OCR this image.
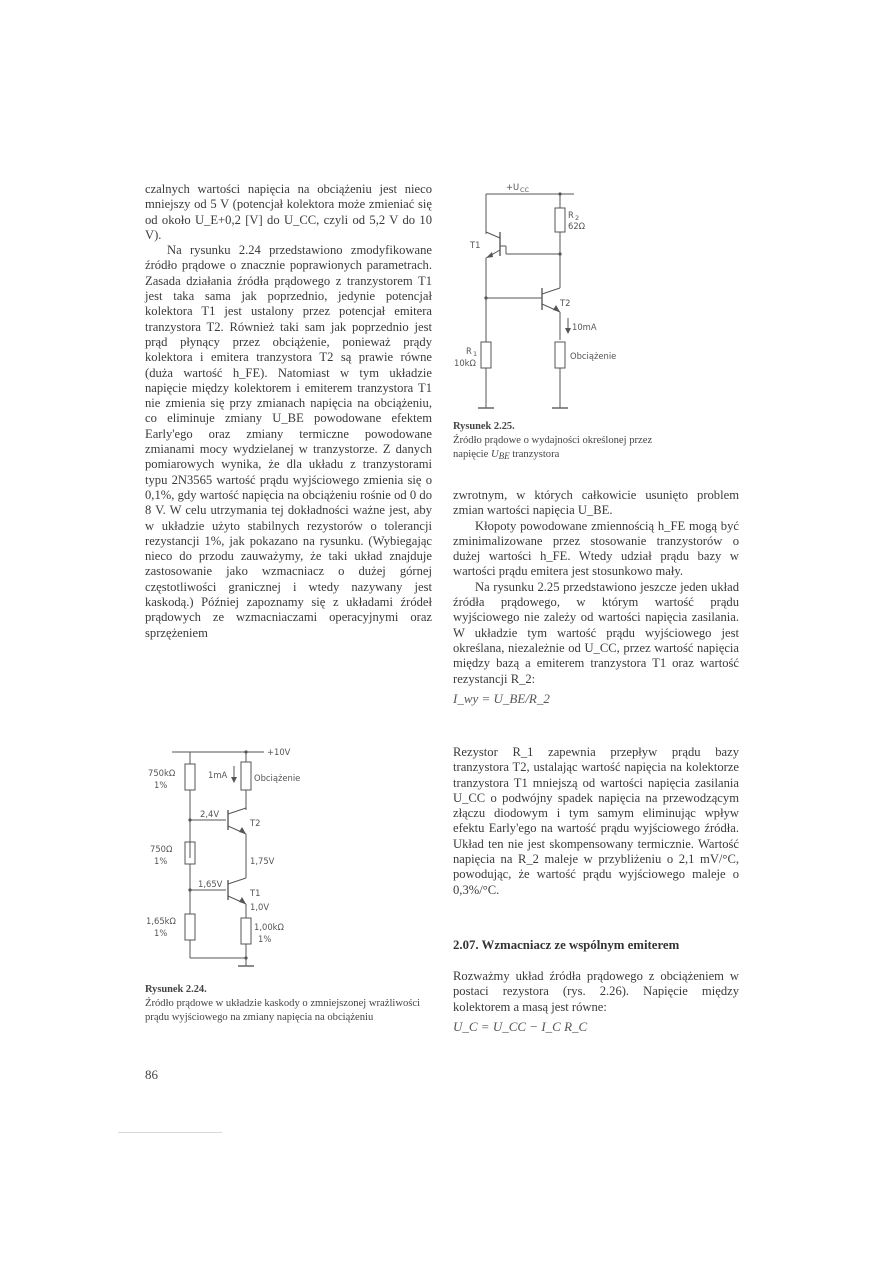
czalnych wartości napięcia na obciążeniu jest nieco mniejszy od 5 V (potencjał kolektora może zmieniać się od około U_E+0,2 [V] do U_CC, czyli od 5,2 V do 10 V).

Na rysunku 2.24 przedstawiono zmodyfikowane źródło prądowe o znacznie poprawionych parametrach. Zasada działania źródła prądowego z tranzystorem T1 jest taka sama jak poprzednio, jedynie potencjał kolektora T1 jest ustalony przez potencjał emitera tranzystora T2. Również taki sam jak poprzednio jest prąd płynący przez obciążenie, ponieważ prądy kolektora i emitera tranzystora T2 są prawie równe (duża wartość h_FE). Natomiast w tym układzie napięcie między kolektorem i emiterem tranzystora T1 nie zmienia się przy zmianach napięcia na obciążeniu, co eliminuje zmiany U_BE powodowane efektem Early'ego oraz zmiany termiczne powodowane zmianami mocy wydzielanej w tranzystorze. Z danych pomiarowych wynika, że dla układu z tranzystorami typu 2N3565 wartość prądu wyjściowego zmienia się o 0,1%, gdy wartość napięcia na obciążeniu rośnie od 0 do 8 V. W celu utrzymania tej dokładności ważne jest, aby w układzie użyto stabilnych rezystorów o tolerancji rezystancji 1%, jak pokazano na rysunku. (Wybiegając nieco do przodu zauważymy, że taki układ znajduje zastosowanie jako wzmacniacz o dużej górnej częstotliwości granicznej i wtedy nazywany jest kaskodą.) Później zapoznamy się z układami źródeł prądowych ze wzmacniaczami operacyjnymi oraz sprzężeniem

+U CC
R 2
62Ω
T1
T2
10mA
Obciążenie
R 1
10kΩ
Rysunek 2.25.
Źródło prądowe o wydajności określonej przez
napięcie $U_{BE}$ tranzystora

zwrotnym, w których całkowicie usunięto problem zmian wartości napięcia U_BE.

Kłopoty powodowane zmiennością h_FE mogą być zminimalizowane przez stosowanie tranzystorów o dużej wartości h_FE. Wtedy udział prądu bazy w wartości prądu emitera jest stosunkowo mały.

Na rysunku 2.25 przedstawiono jeszcze jeden układ źródła prądowego, w którym wartość prądu wyjściowego nie zależy od wartości napięcia zasilania. W układzie tym wartość prądu wyjściowego jest określana, niezależnie od U_CC, przez wartość napięcia między bazą a emiterem tranzystora T1 oraz wartość rezystancji R_2:

I_wy = U_BE/R_2

Rezystor R_1 zapewnia przepływ prądu bazy tranzystora T2, ustalając wartość napięcia na kolektorze tranzystora T1 mniejszą od wartości napięcia zasilania U_CC o podwójny spadek napięcia na przewodzącym złączu diodowym i tym samym eliminując wpływ efektu Early'ego na wartość prądu wyjściowego źródła. Układ ten nie jest skompensowany termicznie. Wartość napięcia na R_2 maleje w przybliżeniu o 2,1 mV/°C, powodując, że wartość prądu wyjściowego maleje o 0,3%/°C.

2.07. Wzmacniacz ze wspólnym emiterem

Rozważmy układ źródła prądowego z obciążeniem w postaci rezystora (rys. 2.26). Napięcie między kolektorem a masą jest równe:

U_C = U_CC − I_C R_C
+10V
750kΩ
1%
Obciążenie
1mA
2,4V
T2
1,75V
750Ω
1%
1,65V
T1
1,0V
1,00kΩ
1%
1,65kΩ
1%
Rysunek 2.24.
Źródło prądowe w układzie kaskody o zmniejszonej wrażliwości prądu wyjściowego na zmiany napięcia na obciążeniu
86
